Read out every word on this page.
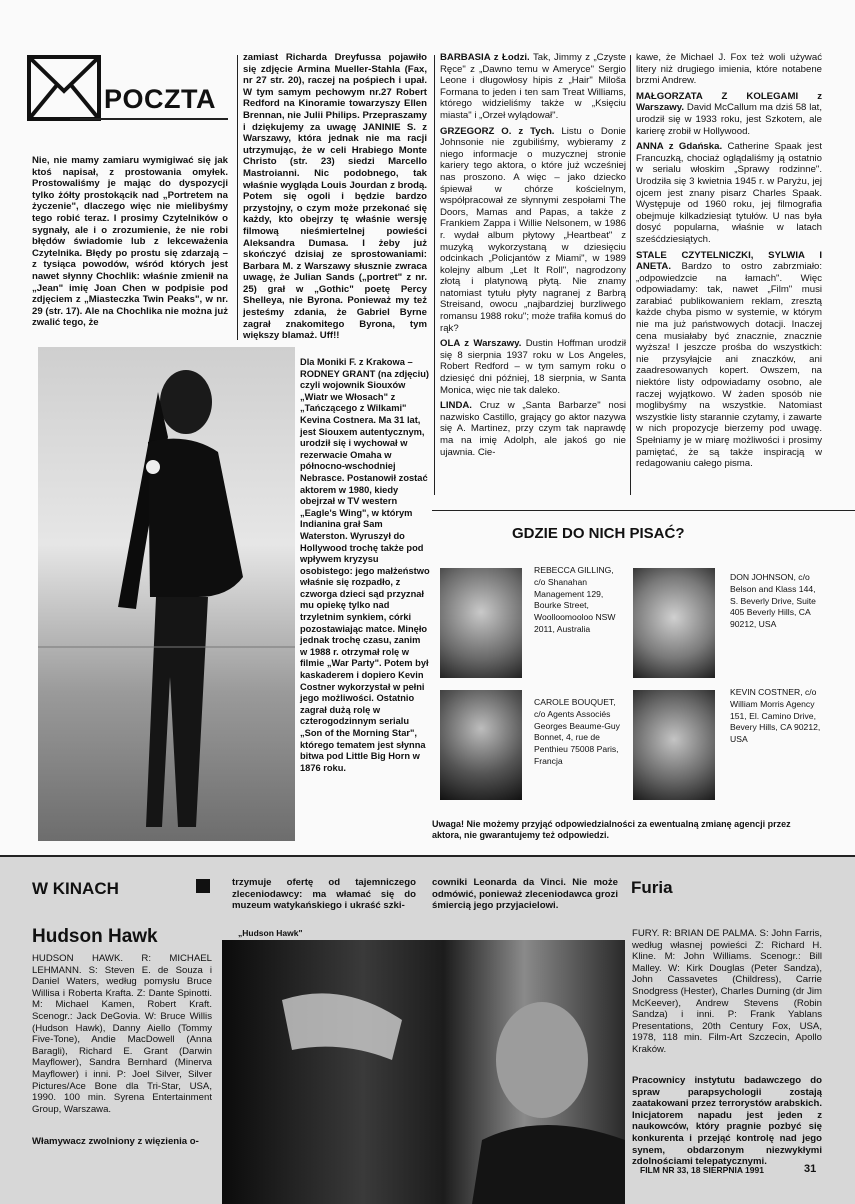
POCZTA
Nie, nie mamy zamiaru wymigiwać się jak ktoś napisał, z prostowania omyłek. Prostowaliśmy je mając do dyspozycji tylko żółty prostokącik nad „Portretem na życzenie", dlaczego więc nie mielibyśmy tego robić teraz. I prosimy Czytelników o sygnały, ale i o zrozumienie, że nie robi błędów świadomie lub z lekceważenia Czytelnika. Błędy po prostu się zdarzają – z tysiąca powodów, wśród których jest nawet słynny Chochlik: właśnie zmienił na „Jean" imię Joan Chen w podpisie pod zdjęciem z „Miasteczka Twin Peaks", w nr. 29 (str. 17). Ale na Chochlika nie można już zwalić tego, że
zamiast Richarda Dreyfussa pojawiło się zdjęcie Armina Mueller-Stahla (Fax, nr 27 str. 20), raczej na pośpiech i upał. W tym samym pechowym nr.27 Robert Redford na Kinoramie towarzyszy Ellen Brennan, nie Julii Philips. Przepraszamy i dziękujemy za uwagę JANINIE S. z Warszawy, która jednak nie ma racji utrzymując, że w celi Hrabiego Monte Christo (str. 23) siedzi Marcello Mastroianni. Nic podobnego, tak właśnie wygląda Louis Jourdan z brodą. Potem się ogoli i będzie bardzo przystojny, o czym może przekonać się każdy, kto obejrzy tę właśnie wersję filmową nieśmiertelnej powieści Aleksandra Dumasa. I żeby już skończyć dzisiaj ze sprostowaniami: Barbara M. z Warszawy słusznie zwraca uwagę, że Julian Sands („portret" z nr. 25) grał w „Gothic" poetę Percy Shelleya, nie Byrona. Ponieważ my też jesteśmy zdania, że Gabriel Byrne zagrał znakomitego Byrona, tym większy blamaż. Uff!!

BARBASIA z Łodzi. Tak, Jimmy z „Czyste Ręce" z „Dawno temu w Ameryce" Sergio Leone i długowłosy hipis z „Hair" Miloša Formana to jeden i ten sam Treat Williams, którego widzieliśmy także w „Księciu miasta" i „Orzeł wylądował".

GRZEGORZ O. z Tych. Listu o Donie Johnsonie nie zgubiliśmy, wybieramy z niego informacje o muzycznej stronie kariery tego aktora, o które już wcześniej nas proszono. A więc – jako dziecko śpiewał w chórze kościelnym, współpracował ze słynnymi zespołami The Doors, Mamas and Papas, a także z Frankiem Zappa i Willie Nelsonem, w 1986 r. wydał album płytowy „Heartbeat" z muzyką wykorzystaną w dziesięciu odcinkach „Policjantów z Miami", w 1989 kolejny album „Let It Roll", nagrodzony złotą i platynową płytą. Nie znamy natomiast tytułu płyty nagranej z Barbrą Streisand, owocu „najbardziej burzliwego romansu 1988 roku"; może trafiła komuś do rąk?

OLA z Warszawy. Dustin Hoffman urodził się 8 sierpnia 1937 roku w Los Angeles, Robert Redford – w tym samym roku o dziesięć dni później, 18 sierpnia, w Santa Monica, więc nie tak daleko.

LINDA. Cruz w „Santa Barbarze" nosi nazwisko Castillo, grający go aktor nazywa się A. Martinez, przy czym tak naprawdę ma na imię Adolph, ale jakoś go nie ujawnia. Cie-

kawe, że Michael J. Fox też woli używać litery niż drugiego imienia, które notabene brzmi Andrew.

MAŁGORZATA Z KOLEGAMI z Warszawy. David McCallum ma dziś 58 lat, urodził się w 1933 roku, jest Szkotem, ale karierę zrobił w Hollywood.

ANNA z Gdańska. Catherine Spaak jest Francuzką, chociaż oglądaliśmy ją ostatnio w serialu włoskim „Sprawy rodzinne". Urodziła się 3 kwietnia 1945 r. w Paryżu, jej ojcem jest znany pisarz Charles Spaak. Występuje od 1960 roku, jej filmografia obejmuje kilkadziesiąt tytułów. U nas była dosyć popularna, właśnie w latach sześćdziesiątych.

STALE CZYTELNICZKI, SYLWIA I ANETA. Bardzo to ostro zabrzmiało: „odpowiedzcie na łamach". Więc odpowiadamy: tak, nawet „Film" musi zarabiać publikowaniem reklam, zresztą każde chyba pismo w systemie, w którym nie ma już państwowych dotacji. Inaczej cena musiałaby być znacznie, znacznie wyższa! I jeszcze prośba do wszystkich: nie przysyłajcie ani znaczków, ani zaadresowanych kopert. Owszem, na niektóre listy odpowiadamy osobno, ale raczej wyjątkowo. W żaden sposób nie moglibyśmy na wszystkie. Natomiast wszystkie listy starannie czytamy, i zawarte w nich propozycje bierzemy pod uwagę. Spełniamy je w miarę możliwości i prosimy pamiętać, że są także inspiracją w redagowaniu całego pisma.

Dla Moniki F. z Krakowa – RODNEY GRANT (na zdjęciu) czyli wojownik Siouxów „Wiatr we Włosach" z „Tańczącego z Wilkami" Kevina Costnera. Ma 31 lat, jest Siouxem autentycznym, urodził się i wychował w rezerwacie Omaha w północno-wschodniej Nebrasce. Postanowił zostać aktorem w 1980, kiedy obejrzał w TV western „Eagle's Wing", w którym Indianina grał Sam Waterston. Wyruszył do Hollywood trochę także pod wpływem kryzysu osobistego: jego małżeństwo właśnie się rozpadło, z czworga dzieci sąd przyznał mu opiekę tylko nad trzyletnim synkiem, córki pozostawiając matce. Minęło jednak trochę czasu, zanim w 1988 r. otrzymał rolę w filmie „War Party". Potem był kaskaderem i dopiero Kevin Costner wykorzystał w pełni jego możliwości. Ostatnio zagrał dużą rolę w czterogodzinnym serialu „Son of the Morning Star", którego tematem jest słynna bitwa pod Little Big Horn w 1876 roku.
GDZIE DO NICH PISAĆ?
REBECCA GILLING, c/o Shanahan Management 129, Bourke Street, Woolloomooloo NSW 2011, Australia
DON JOHNSON, c/o Belson and Klass 144, S. Beverly Drive, Suite 405 Beverly Hills, CA 90212, USA
CAROLE BOUQUET, c/o Agents Associés Georges Beaume-Guy Bonnet, 4, rue de Penthieu 75008 Paris, Francja
KEVIN COSTNER, c/o William Morris Agency 151, El. Camino Drive, Bevery Hills, CA 90212, USA
Uwaga! Nie możemy przyjąć odpowiedzialności za ewentualną zmianę agencji przez aktora, nie gwarantujemy też odpowiedzi.
W KINACH
Hudson Hawk
HUDSON HAWK. R: MICHAEL LEHMANN. S: Steven E. de Souza i Daniel Waters, według pomysłu Bruce Willisa i Roberta Krafta. Z: Dante Spinotti. M: Michael Kamen, Robert Kraft. Scenogr.: Jack DeGovia. W: Bruce Willis (Hudson Hawk), Danny Aiello (Tommy Five-Tone), Andie MacDowell (Anna Baragli), Richard E. Grant (Darwin Mayflower), Sandra Bernhard (Minerva Mayflower) i inni. P: Joel Silver, Silver Pictures/Ace Bone dla Tri-Star, USA, 1990. 100 min. Syrena Entertainment Group, Warszawa.
Włamywacz zwolniony z więzienia o-
trzymuje ofertę od tajemniczego zleceniodawcy: ma włamać się do muzeum watykańskiego i ukraść szki-
cowniki Leonarda da Vinci. Nie może odmówić, ponieważ zleceniodawca grozi śmiercią jego przyjacielowi.
„Hudson Hawk"
Furia
FURY. R: BRIAN DE PALMA. S: John Farris, według własnej powieści Z: Richard H. Kline. M: John Williams. Scenogr.: Bill Malley. W: Kirk Douglas (Peter Sandza), John Cassavetes (Childress), Carrie Snodgress (Hester), Charles Durning (dr Jim McKeever), Andrew Stevens (Robin Sandza) i inni. P: Frank Yablans Presentations, 20th Century Fox, USA, 1978, 118 min. Film-Art Szczecin, Apollo Kraków.
Pracownicy instytutu badawczego do spraw parapsychologii zostają zaatakowani przez terrorystów arabskich. Inicjatorem napadu jest jeden z naukowców, który pragnie pozbyć się konkurenta i przejąć kontrolę nad jego synem, obdarzonym niezwykłymi zdolnościami telepatycznymi.
FILM NR 33, 18 SIERPNIA 1991	31
